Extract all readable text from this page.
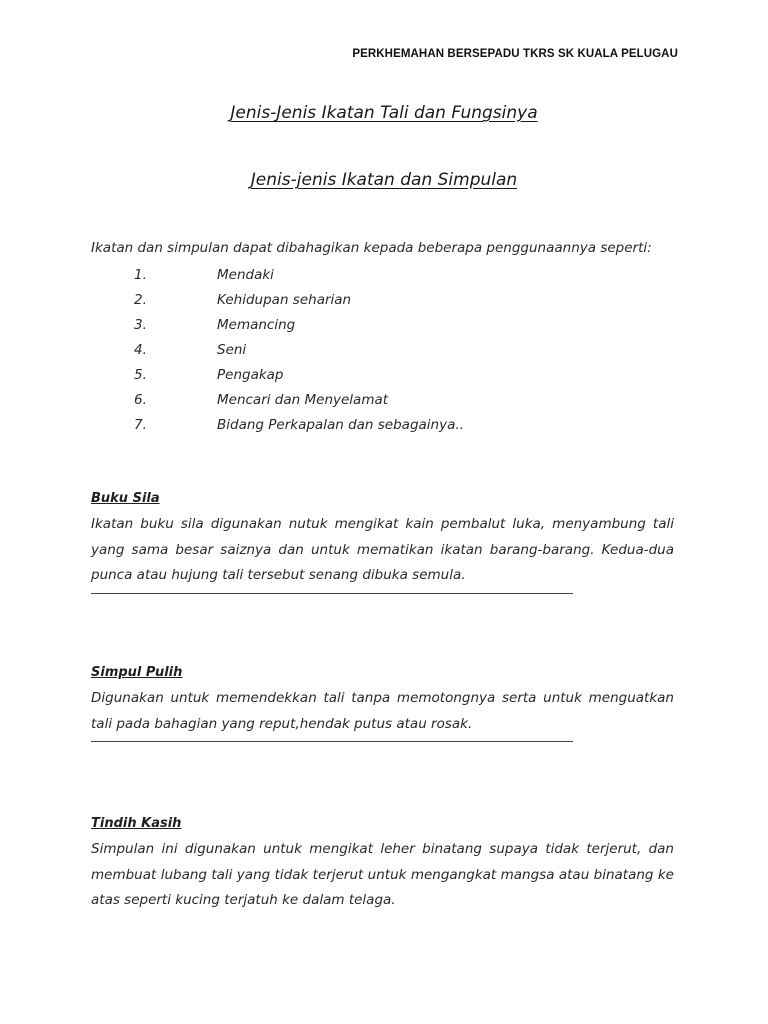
PERKHEMAHAN BERSEPADU TKRS SK KUALA PELUGAU
Jenis-Jenis Ikatan Tali dan Fungsinya
Jenis-jenis Ikatan dan Simpulan
Ikatan dan simpulan dapat dibahagikan kepada beberapa penggunaannya seperti:
1.	Mendaki
2.	Kehidupan seharian
3.	Memancing
4.	Seni
5.	Pengakap
6.	Mencari dan Menyelamat
7.	Bidang Perkapalan dan sebagainya..
Buku Sila
Ikatan buku sila digunakan nutuk mengikat kain pembalut luka, menyambung tali yang sama besar saiznya dan untuk mematikan ikatan barang-barang. Kedua-dua punca atau hujung tali tersebut senang dibuka semula.
Simpul Pulih
Digunakan untuk memendekkan tali tanpa memotongnya serta untuk menguatkan tali pada bahagian yang reput,hendak putus atau rosak.
Tindih Kasih
Simpulan ini digunakan untuk mengikat leher binatang supaya tidak terjerut, dan membuat lubang tali yang tidak terjerut untuk mengangkat mangsa atau binatang ke atas seperti kucing terjatuh ke dalam telaga.
